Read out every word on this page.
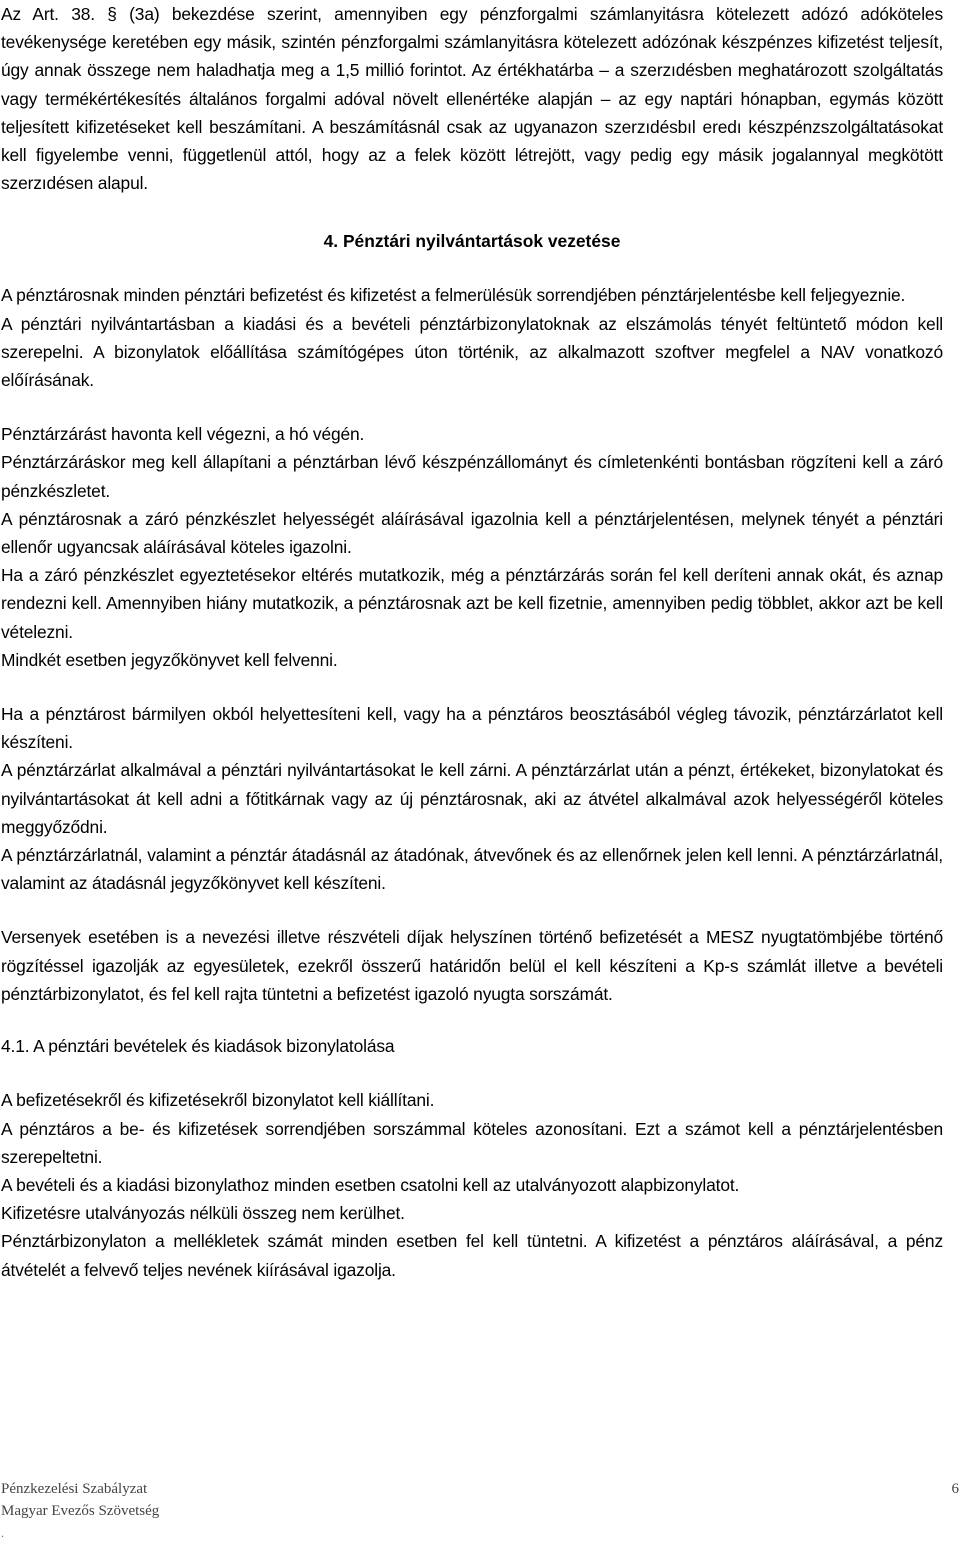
Az Art. 38. § (3a) bekezdése szerint, amennyiben egy pénzforgalmi számlanyitásra kötelezett adózó adóköteles tevékenysége keretében egy másik, szintén pénzforgalmi számlanyitásra kötelezett adózónak készpénzes kifizetést teljesít, úgy annak összege nem haladhatja meg a 1,5 millió forintot. Az értékhatárba – a szerzıdésben meghatározott szolgáltatás vagy termékértékesítés általános forgalmi adóval növelt ellenértéke alapján – az egy naptári hónapban, egymás között teljesített kifizetéseket kell beszámítani. A beszámításnál csak az ugyanazon szerzıdésbıl eredı készpénzszolgáltatásokat kell figyelembe venni, függetlenül attól, hogy az a felek között létrejött, vagy pedig egy másik jogalannyal megkötött szerzıdésen alapul.

4. Pénztári nyilvántartások vezetése

A pénztárosnak minden pénztári befizetést és kifizetést a felmerülésük sorrendjében pénztárjelentésbe kell feljegyeznie.

A pénztári nyilvántartásban a kiadási és a bevételi pénztárbizonylatoknak az elszámolás tényét feltüntető módon kell szerepelni. A bizonylatok előállítása számítógépes úton történik, az alkalmazott szoftver megfelel a NAV vonatkozó előírásának.

Pénztárzárást havonta kell végezni, a hó végén.

Pénztárzáráskor meg kell állapítani a pénztárban lévő készpénzállományt és címletenkénti bontásban rögzíteni kell a záró pénzkészletet.

A pénztárosnak a záró pénzkészlet helyességét aláírásával igazolnia kell a pénztárjelentésen, melynek tényét a pénztári ellenőr ugyancsak aláírásával köteles igazolni.

Ha a záró pénzkészlet egyeztetésekor eltérés mutatkozik, még a pénztárzárás során fel kell deríteni annak okát, és aznap rendezni kell. Amennyiben hiány mutatkozik, a pénztárosnak azt be kell fizetnie, amennyiben pedig többlet, akkor azt be kell vételezni.

Mindkét esetben jegyzőkönyvet kell felvenni.

Ha a pénztárost bármilyen okból helyettesíteni kell, vagy ha a pénztáros beosztásából végleg távozik, pénztárzárlatot kell készíteni.

A pénztárzárlat alkalmával a pénztári nyilvántartásokat le kell zárni. A pénztárzárlat után a pénzt, értékeket, bizonylatokat és nyilvántartásokat át kell adni a főtitkárnak vagy az új pénztárosnak, aki az átvétel alkalmával azok helyességéről köteles meggyőződni.

A pénztárzárlatnál, valamint a pénztár átadásnál az átadónak, átvevőnek és az ellenőrnek jelen kell lenni. A pénztárzárlatnál, valamint az átadásnál jegyzőkönyvet kell készíteni.

Versenyek esetében is a nevezési illetve részvételi díjak helyszínen történő befizetését a MESZ nyugtatömbjébe történő rögzítéssel igazolják az egyesületek, ezekről összerű határidőn belül el kell készíteni a Kp-s számlát illetve a bevételi pénztárbizonylatot, és fel kell rajta tüntetni a befizetést igazoló nyugta sorszámát.

4.1. A pénztári bevételek és kiadások bizonylatolása

A befizetésekről és kifizetésekről bizonylatot kell kiállítani.

A pénztáros a be- és kifizetések sorrendjében sorszámmal köteles azonosítani. Ezt a számot kell a pénztárjelentésben szerepeltetni.

A bevételi és a kiadási bizonylathoz minden esetben csatolni kell az utalványozott alapbizonylatot.

Kifizetésre utalványozás nélküli összeg nem kerülhet.

Pénztárbizonylaton a mellékletek számát minden esetben fel kell tüntetni. A kifizetést a pénztáros aláírásával, a pénz átvételét a felvevő teljes nevének kiírásával igazolja.

Pénzkezelési Szabályzat	6
Magyar Evezős Szövetség
.
